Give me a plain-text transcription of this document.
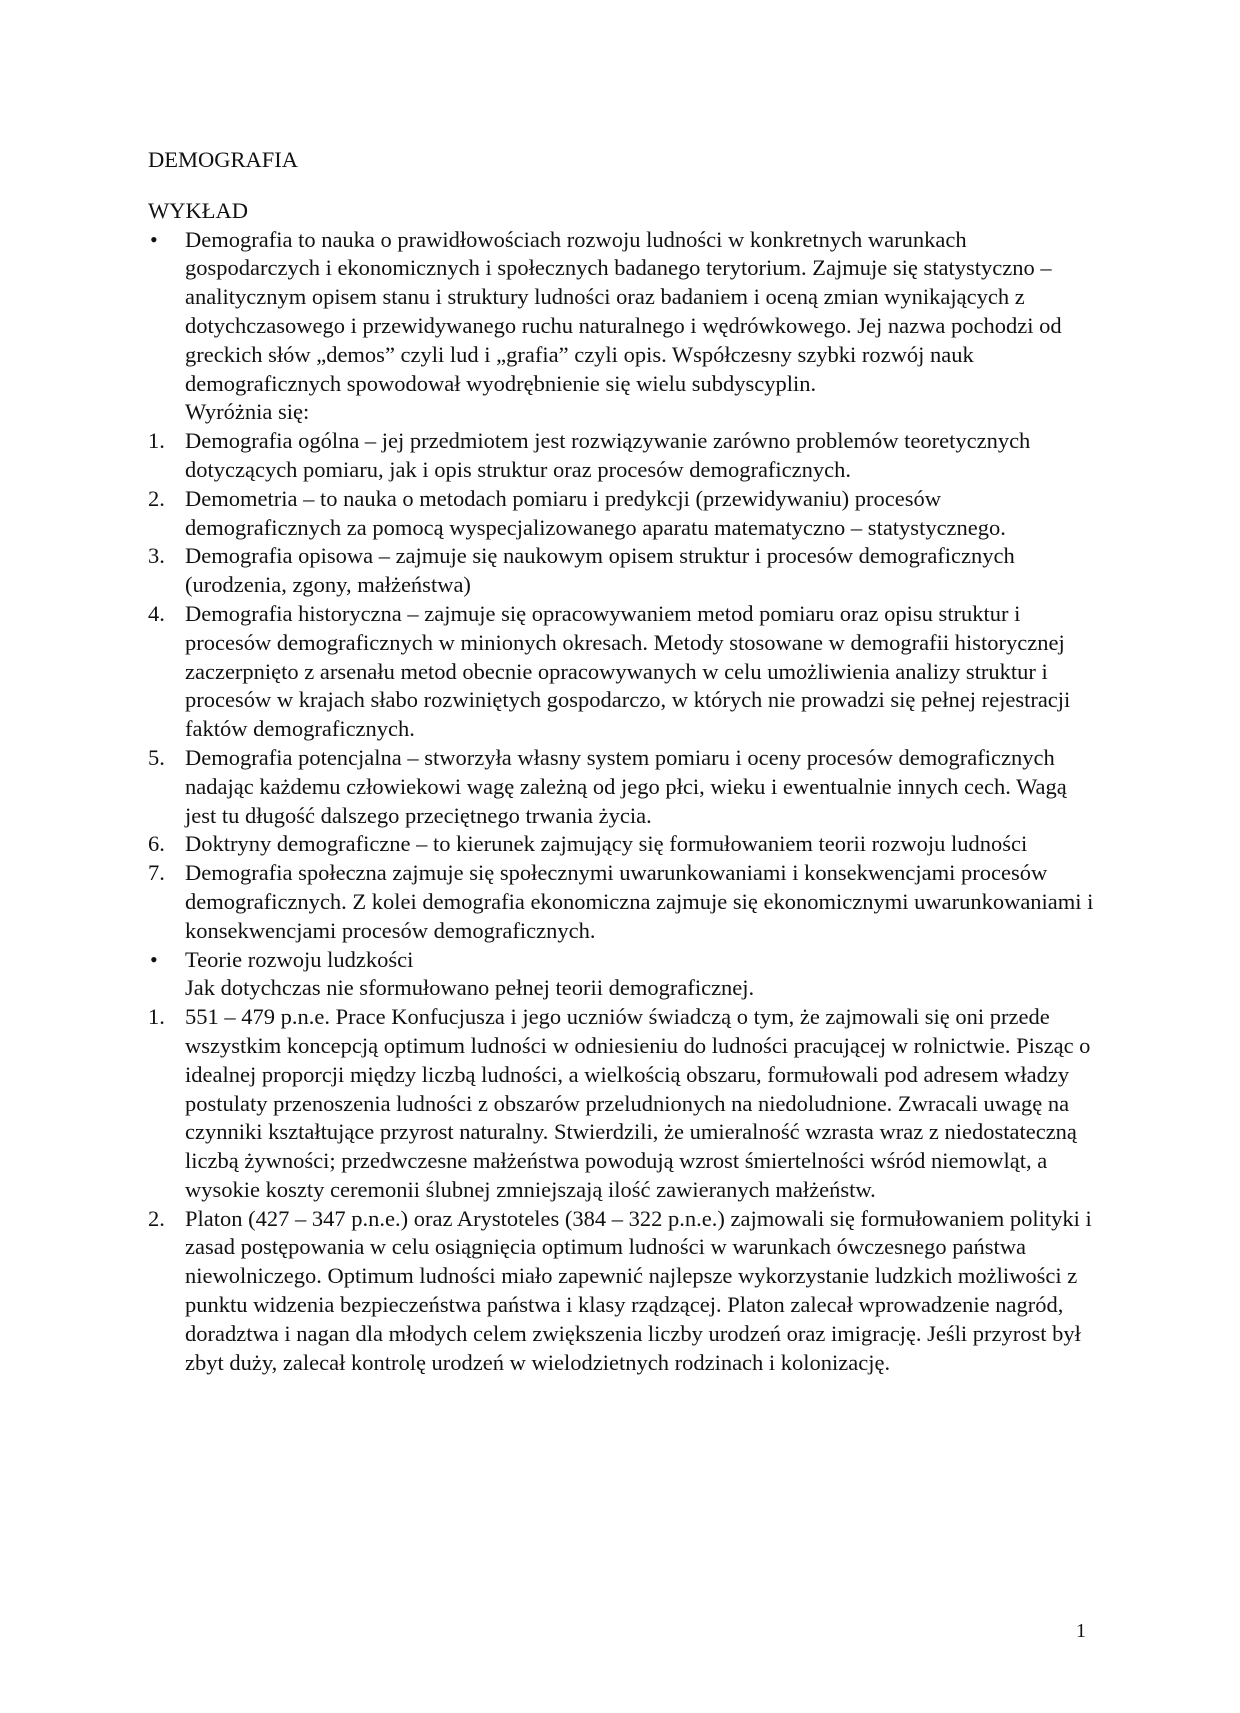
DEMOGRAFIA

WYKŁAD

•	Demografia to nauka o prawidłowościach rozwoju ludności w konkretnych warunkach gospodarczych i ekonomicznych i społecznych badanego terytorium. Zajmuje się statystyczno – analitycznym opisem stanu i struktury ludności oraz badaniem i oceną zmian wynikających z dotychczasowego i przewidywanego ruchu naturalnego i wędrówkowego. Jej nazwa pochodzi od greckich słów „demos” czyli lud i „grafia” czyli opis. Współczesny szybki rozwój nauk demograficznych spowodował wyodrębnienie się wielu subdyscyplin.
Wyróżnia się:
1. Demografia ogólna – jej przedmiotem jest rozwiązywanie zarówno problemów teoretycznych dotyczących pomiaru, jak i opis struktur oraz procesów demograficznych.
2. Demometria – to nauka o metodach pomiaru i predykcji (przewidywaniu) procesów demograficznych za pomocą wyspecjalizowanego aparatu matematyczno – statystycznego.
3. Demografia opisowa – zajmuje się naukowym opisem struktur i procesów demograficznych (urodzenia, zgony, małżeństwa)
4. Demografia historyczna – zajmuje się opracowywaniem metod pomiaru oraz opisu struktur i procesów demograficznych w minionych okresach. Metody stosowane w demografii historycznej zaczerpnięto z arsenału metod obecnie opracowywanych w celu umożliwienia analizy struktur i procesów w krajach słabo rozwiniętych gospodarczo, w których nie prowadzi się pełnej rejestracji faktów demograficznych.
5. Demografia potencjalna – stworzyła własny system pomiaru i oceny procesów demograficznych nadając każdemu człowiekowi wagę zależną od jego płci, wieku i ewentualnie innych cech. Wagą jest tu długość dalszego przeciętnego trwania życia.
6. Doktryny demograficzne – to kierunek zajmujący się formułowaniem teorii rozwoju ludności
7. Demografia społeczna zajmuje się społecznymi uwarunkowaniami i konsekwencjami procesów demograficznych. Z kolei demografia ekonomiczna zajmuje się ekonomicznymi uwarunkowaniami i konsekwencjami procesów demograficznych.
•	Teorie rozwoju ludzkości
Jak dotychczas nie sformułowano pełnej teorii demograficznej.
1. 551 – 479 p.n.e. Prace Konfucjusza i jego uczniów świadczą o tym, że zajmowali się oni przede wszystkim koncepcją optimum ludności w odniesieniu do ludności pracującej w rolnictwie. Pisząc o idealnej proporcji między liczbą ludności, a wielkością obszaru, formułowali pod adresem władzy postulaty przenoszenia ludności z obszarów przeludnionych na niedoludnione. Zwracali uwagę na czynniki kształtujące przyrost naturalny. Stwierdzili, że umieralność wzrasta wraz z niedostateczną liczbą żywności; przedwczesne małżeństwa powodują wzrost śmiertelności wśród niemowląt, a wysokie koszty ceremonii ślubnej zmniejszają ilość zawieranych małżeństw.
2. Platon (427 – 347 p.n.e.) oraz Arystoteles (384 – 322 p.n.e.) zajmowali się formułowaniem polityki i zasad postępowania w celu osiągnięcia optimum ludności w warunkach ówczesnego państwa niewolniczego. Optimum ludności miało zapewnić najlepsze wykorzystanie ludzkich możliwości z punktu widzenia bezpieczeństwa państwa i klasy rządzącej. Platon zalecał wprowadzenie nagród, doradztwa i nagan dla młodych celem zwiększenia liczby urodzeń oraz imigrację. Jeśli przyrost był zbyt duży, zalecał kontrolę urodzeń w wielodzietnych rodzinach i kolonizację.
1
